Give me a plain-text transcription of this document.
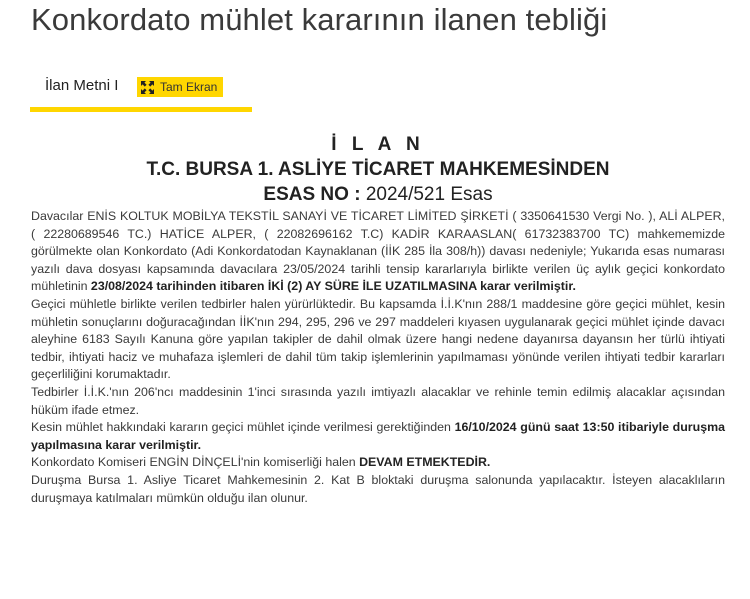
Konkordato mühlet kararının ilanen tebliği
İlan Metni I	Tam Ekran

İ L A N

T.C. BURSA 1. ASLİYE TİCARET MAHKEMESİNDEN

ESAS NO : 2024/521 Esas

Davacılar ENİS KOLTUK MOBİLYA TEKSTİL SANAYİ VE TİCARET LİMİTED ŞİRKETİ ( 3350641530 Vergi No. ), ALİ ALPER, ( 22280689546 TC.) HATİCE ALPER, ( 22082696162 T.C) KADİR KARAASLAN( 61732383700 TC) mahkememizde görülmekte olan Konkordato (Adi Konkordatodan Kaynaklanan (İİK 285 İla 308/h)) davası nedeniyle; Yukarıda esas numarası yazılı dava dosyası kapsamında davacılara 23/05/2024 tarihli tensip kararlarıyla birlikte verilen üç aylık geçici konkordato mühletinin 23/08/2024 tarihinden itibaren İKİ (2) AY SÜRE İLE UZATILMASINA karar verilmiştir.

Geçici mühletle birlikte verilen tedbirler halen yürürlüktedir. Bu kapsamda İ.İ.K'nın 288/1 maddesine göre geçici mühlet, kesin mühletin sonuçlarını doğuracağından İİK'nın 294, 295, 296 ve 297 maddeleri kıyasen uygulanarak geçici mühlet içinde davacı aleyhine 6183 Sayılı Kanuna göre yapılan takipler de dahil olmak üzere hangi nedene dayanırsa dayansın her türlü ihtiyati tedbir, ihtiyati haciz ve muhafaza işlemleri de dahil tüm takip işlemlerinin yapılmaması yönünde verilen ihtiyati tedbir kararları geçerliliğini korumaktadır.

Tedbirler İ.İ.K.'nın 206'ncı maddesinin 1'inci sırasında yazılı imtiyazlı alacaklar ve rehinle temin edilmiş alacaklar açısından hüküm ifade etmez.

Kesin mühlet hakkındaki kararın geçici mühlet içinde verilmesi gerektiğinden 16/10/2024 günü saat 13:50 itibariyle duruşma yapılmasına karar verilmiştir.

Konkordato Komiseri ENGİN DİNÇELİ'nin komiserliği halen DEVAM ETMEKTEDİR.

Duruşma Bursa 1. Asliye Ticaret Mahkemesinin 2. Kat B bloktaki duruşma salonunda yapılacaktır. İsteyen alacaklıların duruşmaya katılmaları mümkün olduğu ilan olunur.
